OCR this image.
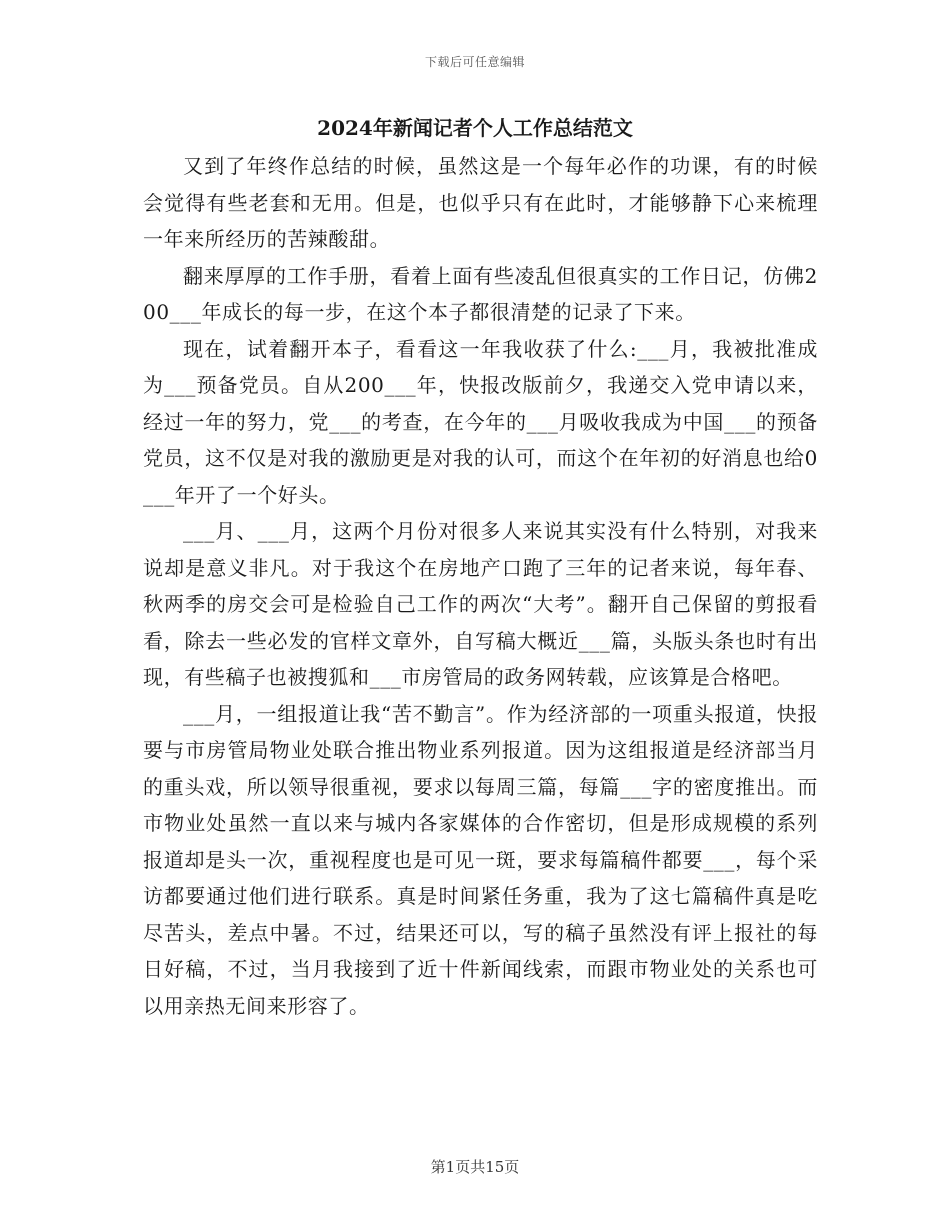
下载后可任意编辑
2024年新闻记者个人工作总结范文

又到了年终作总结的时候，虽然这是一个每年必作的功课，有的时候会觉得有些老套和无用。但是，也似乎只有在此时，才能够静下心来梳理一年来所经历的苦辣酸甜。

翻来厚厚的工作手册，看着上面有些凌乱但很真实的工作日记，仿佛200___年成长的每一步，在这个本子都很清楚的记录了下来。

现在，试着翻开本子，看看这一年我收获了什么:___月，我被批准成为___预备党员。自从200___年，快报改版前夕，我递交入党申请以来，经过一年的努力，党___的考查，在今年的___月吸收我成为中国___的预备党员，这不仅是对我的激励更是对我的认可，而这个在年初的好消息也给0___年开了一个好头。

___月、___月，这两个月份对很多人来说其实没有什么特别，对我来说却是意义非凡。对于我这个在房地产口跑了三年的记者来说，每年春、秋两季的房交会可是检验自己工作的两次“大考”。翻开自己保留的剪报看看，除去一些必发的官样文章外，自写稿大概近___篇，头版头条也时有出现，有些稿子也被搜狐和___市房管局的政务网转载，应该算是合格吧。

___月，一组报道让我“苦不勤言”。作为经济部的一项重头报道，快报要与市房管局物业处联合推出物业系列报道。因为这组报道是经济部当月的重头戏，所以领导很重视，要求以每周三篇，每篇___字的密度推出。而市物业处虽然一直以来与城内各家媒体的合作密切，但是形成规模的系列报道却是头一次，重视程度也是可见一斑，要求每篇稿件都要___，每个采访都要通过他们进行联系。真是时间紧任务重，我为了这七篇稿件真是吃尽苦头，差点中暑。不过，结果还可以，写的稿子虽然没有评上报社的每日好稿，不过，当月我接到了近十件新闻线索，而跟市物业处的关系也可以用亲热无间来形容了。

第1页共15页
